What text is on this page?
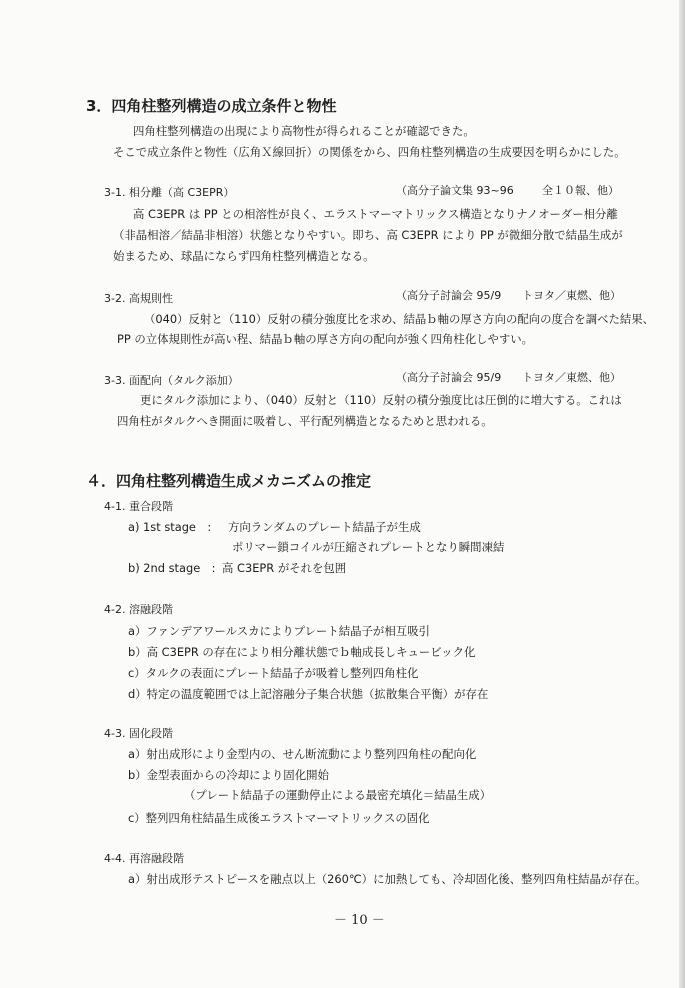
3．四角柱整列構造の成立条件と物性
四角柱整列構造の出現により高物性が得られることが確認できた。
そこで成立条件と物性（広角Ｘ線回折）の関係をから、四角柱整列構造の生成要因を明らかにした。
3-1. 相分離（高 C3EPR）	（高分子論文集 93~96	全１０報、他）
高 C3EPR は PP との相溶性が良く、エラストマーマトリックス構造となりナノオーダー相分離
（非晶相溶／結晶非相溶）状態となりやすい。即ち、高 C3EPR により PP が微細分散で結晶生成が
始まるため、球晶にならず四角柱整列構造となる。
3-2. 高規則性	（高分子討論会 95/9 トヨタ／東燃、他）
（040）反射と（110）反射の積分強度比を求め、結晶ｂ軸の厚さ方向の配向の度合を調べた結果、
PP の立体規則性が高い程、結晶ｂ軸の厚さ方向の配向が強く四角柱化しやすい。
3-3. 面配向（タルク添加）	（高分子討論会 95/9 トヨタ／東燃、他）
更にタルク添加により、（040）反射と（110）反射の積分強度比は圧倒的に増大する。これは
四角柱がタルクへき開面に吸着し、平行配列構造となるためと思われる。
４．四角柱整列構造生成メカニズムの推定
4-1. 重合段階
a) 1st stage　: 方向ランダムのプレート結晶子が生成
ポリマー鎖コイルが圧縮されプレートとなり瞬間凍結
b) 2nd stage　: 高 C3EPR がそれを包囲
4-2. 溶融段階
a）ファンデアワールスカによりプレート結晶子が相互吸引
b）高 C3EPR の存在により相分離状態でｂ軸成長しキュービック化
c）タルクの表面にプレート結晶子が吸着し整列四角柱化
d）特定の温度範囲では上記溶融分子集合状態（拡散集合平衡）が存在
4-3. 固化段階
a）射出成形により金型内の、せん断流動により整列四角柱の配向化
b）金型表面からの冷却により固化開始
（プレート結晶子の運動停止による最密充填化＝結晶生成）
c）整列四角柱結晶生成後エラストマーマトリックスの固化
4-4. 再溶融段階
a）射出成形テストピースを融点以上（260℃）に加熱しても、冷却固化後、整列四角柱結晶が存在。
－ 10 －
